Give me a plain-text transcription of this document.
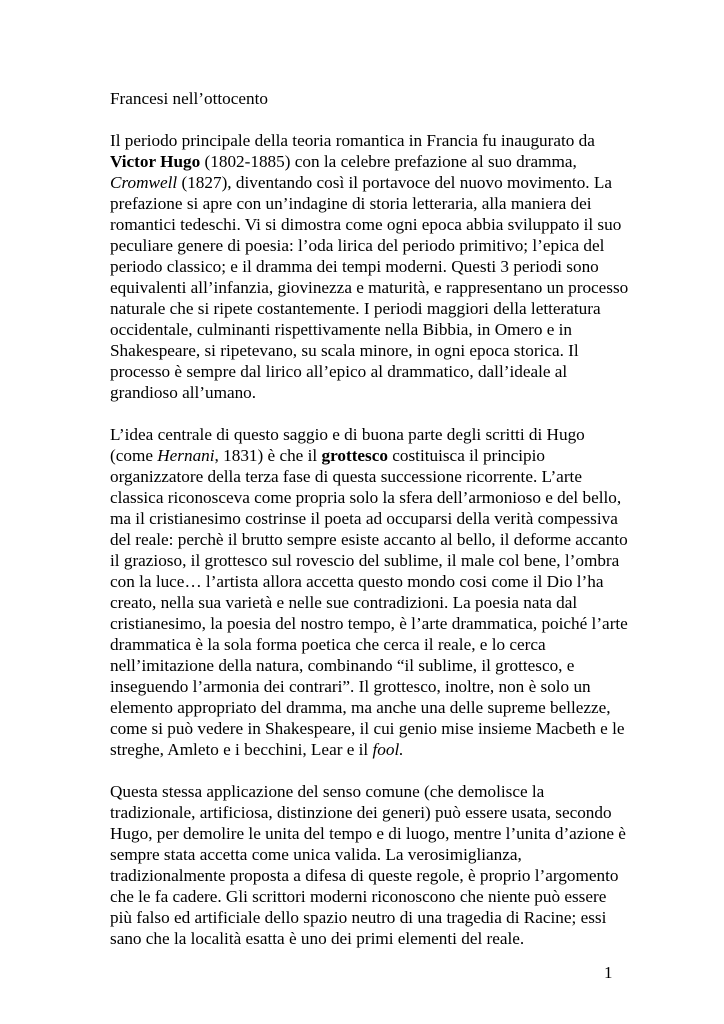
Francesi nell’ottocento

Il periodo principale della teoria romantica in Francia fu inaugurato da Victor Hugo (1802-1885) con la celebre prefazione al suo dramma, Cromwell (1827), diventando così il portavoce del nuovo movimento. La prefazione si apre con un’indagine di storia letteraria, alla maniera dei romantici tedeschi. Vi si dimostra come ogni epoca abbia sviluppato il suo peculiare genere di poesia: l’oda lirica del periodo primitivo; l’epica del periodo classico; e il dramma dei tempi moderni. Questi 3 periodi sono equivalenti all’infanzia, giovinezza e maturità, e rappresentano un processo naturale che si ripete costantemente. I periodi maggiori della letteratura occidentale, culminanti rispettivamente nella Bibbia, in Omero e in Shakespeare, si ripetevano, su scala minore, in ogni epoca storica. Il processo è sempre dal lirico all’epico al drammatico, dall’ideale al grandioso all’umano.

L’idea centrale di questo saggio e di buona parte degli scritti di Hugo (come Hernani, 1831) è che il grottesco costituisca il principio organizzatore della terza fase di questa successione ricorrente. L’arte classica riconosceva come propria solo la sfera dell’armonioso e del bello, ma il cristianesimo costrinse il poeta ad occuparsi della verità compessiva del reale: perchè il brutto sempre esiste accanto al bello, il deforme accanto il grazioso, il grottesco sul rovescio del sublime, il male col bene, l’ombra con la luce… l’artista allora accetta questo mondo cosi come il Dio l’ha creato, nella sua varietà e nelle sue contradizioni. La poesia nata dal cristianesimo, la poesia del nostro tempo, è l’arte drammatica, poiché l’arte drammatica è la sola forma poetica che cerca il reale, e lo cerca nell’imitazione della natura, combinando “il sublime, il grottesco, e inseguendo l’armonia dei contrari”. Il grottesco, inoltre, non è solo un elemento appropriato del dramma, ma anche una delle supreme bellezze, come si può vedere in Shakespeare, il cui genio mise insieme Macbeth e le streghe, Amleto e i becchini, Lear e il fool.

Questa stessa applicazione del senso comune (che demolisce la tradizionale, artificiosa, distinzione dei generi) può essere usata, secondo Hugo, per demolire le unita del tempo e di luogo, mentre l’unita d’azione è sempre stata accetta come unica valida. La verosimiglianza, tradizionalmente proposta a difesa di queste regole, è proprio l’argomento che le fa cadere. Gli scrittori moderni riconoscono che niente può essere più falso ed artificiale dello spazio neutro di una tragedia di Racine; essi sano che la località esatta è uno dei primi elementi del reale.

1
